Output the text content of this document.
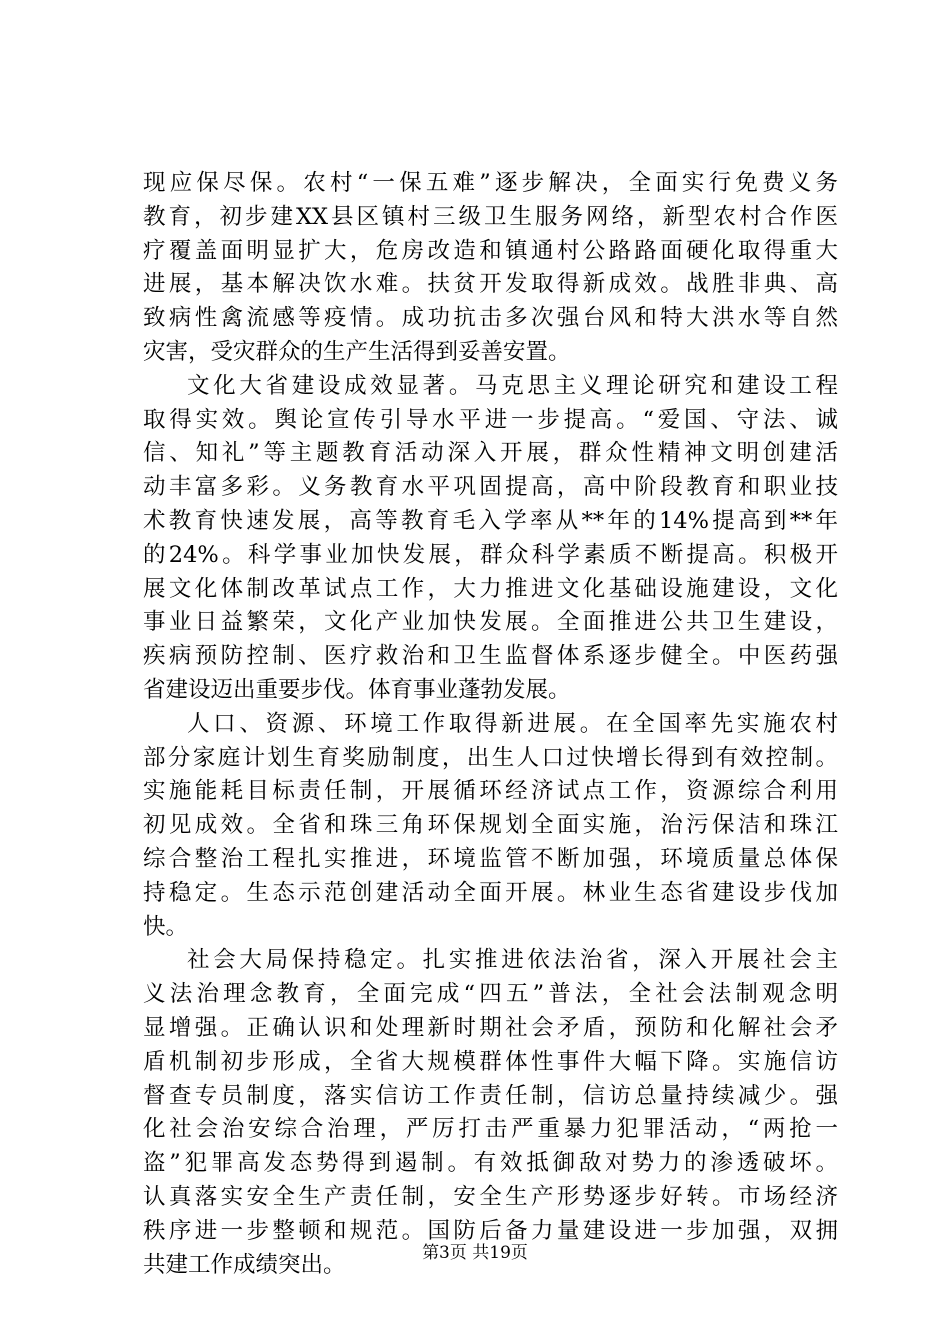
现应保尽保。农村“一保五难”逐步解决，全面实行免费义务
教育，初步建XX县区镇村三级卫生服务网络，新型农村合作医
疗覆盖面明显扩大，危房改造和镇通村公路路面硬化取得重大
进展，基本解决饮水难。扶贫开发取得新成效。战胜非典、高
致病性禽流感等疫情。成功抗击多次强台风和特大洪水等自然
灾害，受灾群众的生产生活得到妥善安置。
文化大省建设成效显著。马克思主义理论研究和建设工程
取得实效。舆论宣传引导水平进一步提高。“爱国、守法、诚
信、知礼”等主题教育活动深入开展，群众性精神文明创建活
动丰富多彩。义务教育水平巩固提高，高中阶段教育和职业技
术教育快速发展，高等教育毛入学率从**年的14%提高到**年
的24%。科学事业加快发展，群众科学素质不断提高。积极开
展文化体制改革试点工作，大力推进文化基础设施建设，文化
事业日益繁荣，文化产业加快发展。全面推进公共卫生建设，
疾病预防控制、医疗救治和卫生监督体系逐步健全。中医药强
省建设迈出重要步伐。体育事业蓬勃发展。
人口、资源、环境工作取得新进展。在全国率先实施农村
部分家庭计划生育奖励制度，出生人口过快增长得到有效控制。
实施能耗目标责任制，开展循环经济试点工作，资源综合利用
初见成效。全省和珠三角环保规划全面实施，治污保洁和珠江
综合整治工程扎实推进，环境监管不断加强，环境质量总体保
持稳定。生态示范创建活动全面开展。林业生态省建设步伐加
快。
社会大局保持稳定。扎实推进依法治省，深入开展社会主
义法治理念教育，全面完成“四五”普法，全社会法制观念明
显增强。正确认识和处理新时期社会矛盾，预防和化解社会矛
盾机制初步形成，全省大规模群体性事件大幅下降。实施信访
督查专员制度，落实信访工作责任制，信访总量持续减少。强
化社会治安综合治理，严厉打击严重暴力犯罪活动，“两抢一
盗”犯罪高发态势得到遏制。有效抵御敌对势力的渗透破坏。
认真落实安全生产责任制，安全生产形势逐步好转。市场经济
秩序进一步整顿和规范。国防后备力量建设进一步加强，双拥
共建工作成绩突出。	第3页 共19页
